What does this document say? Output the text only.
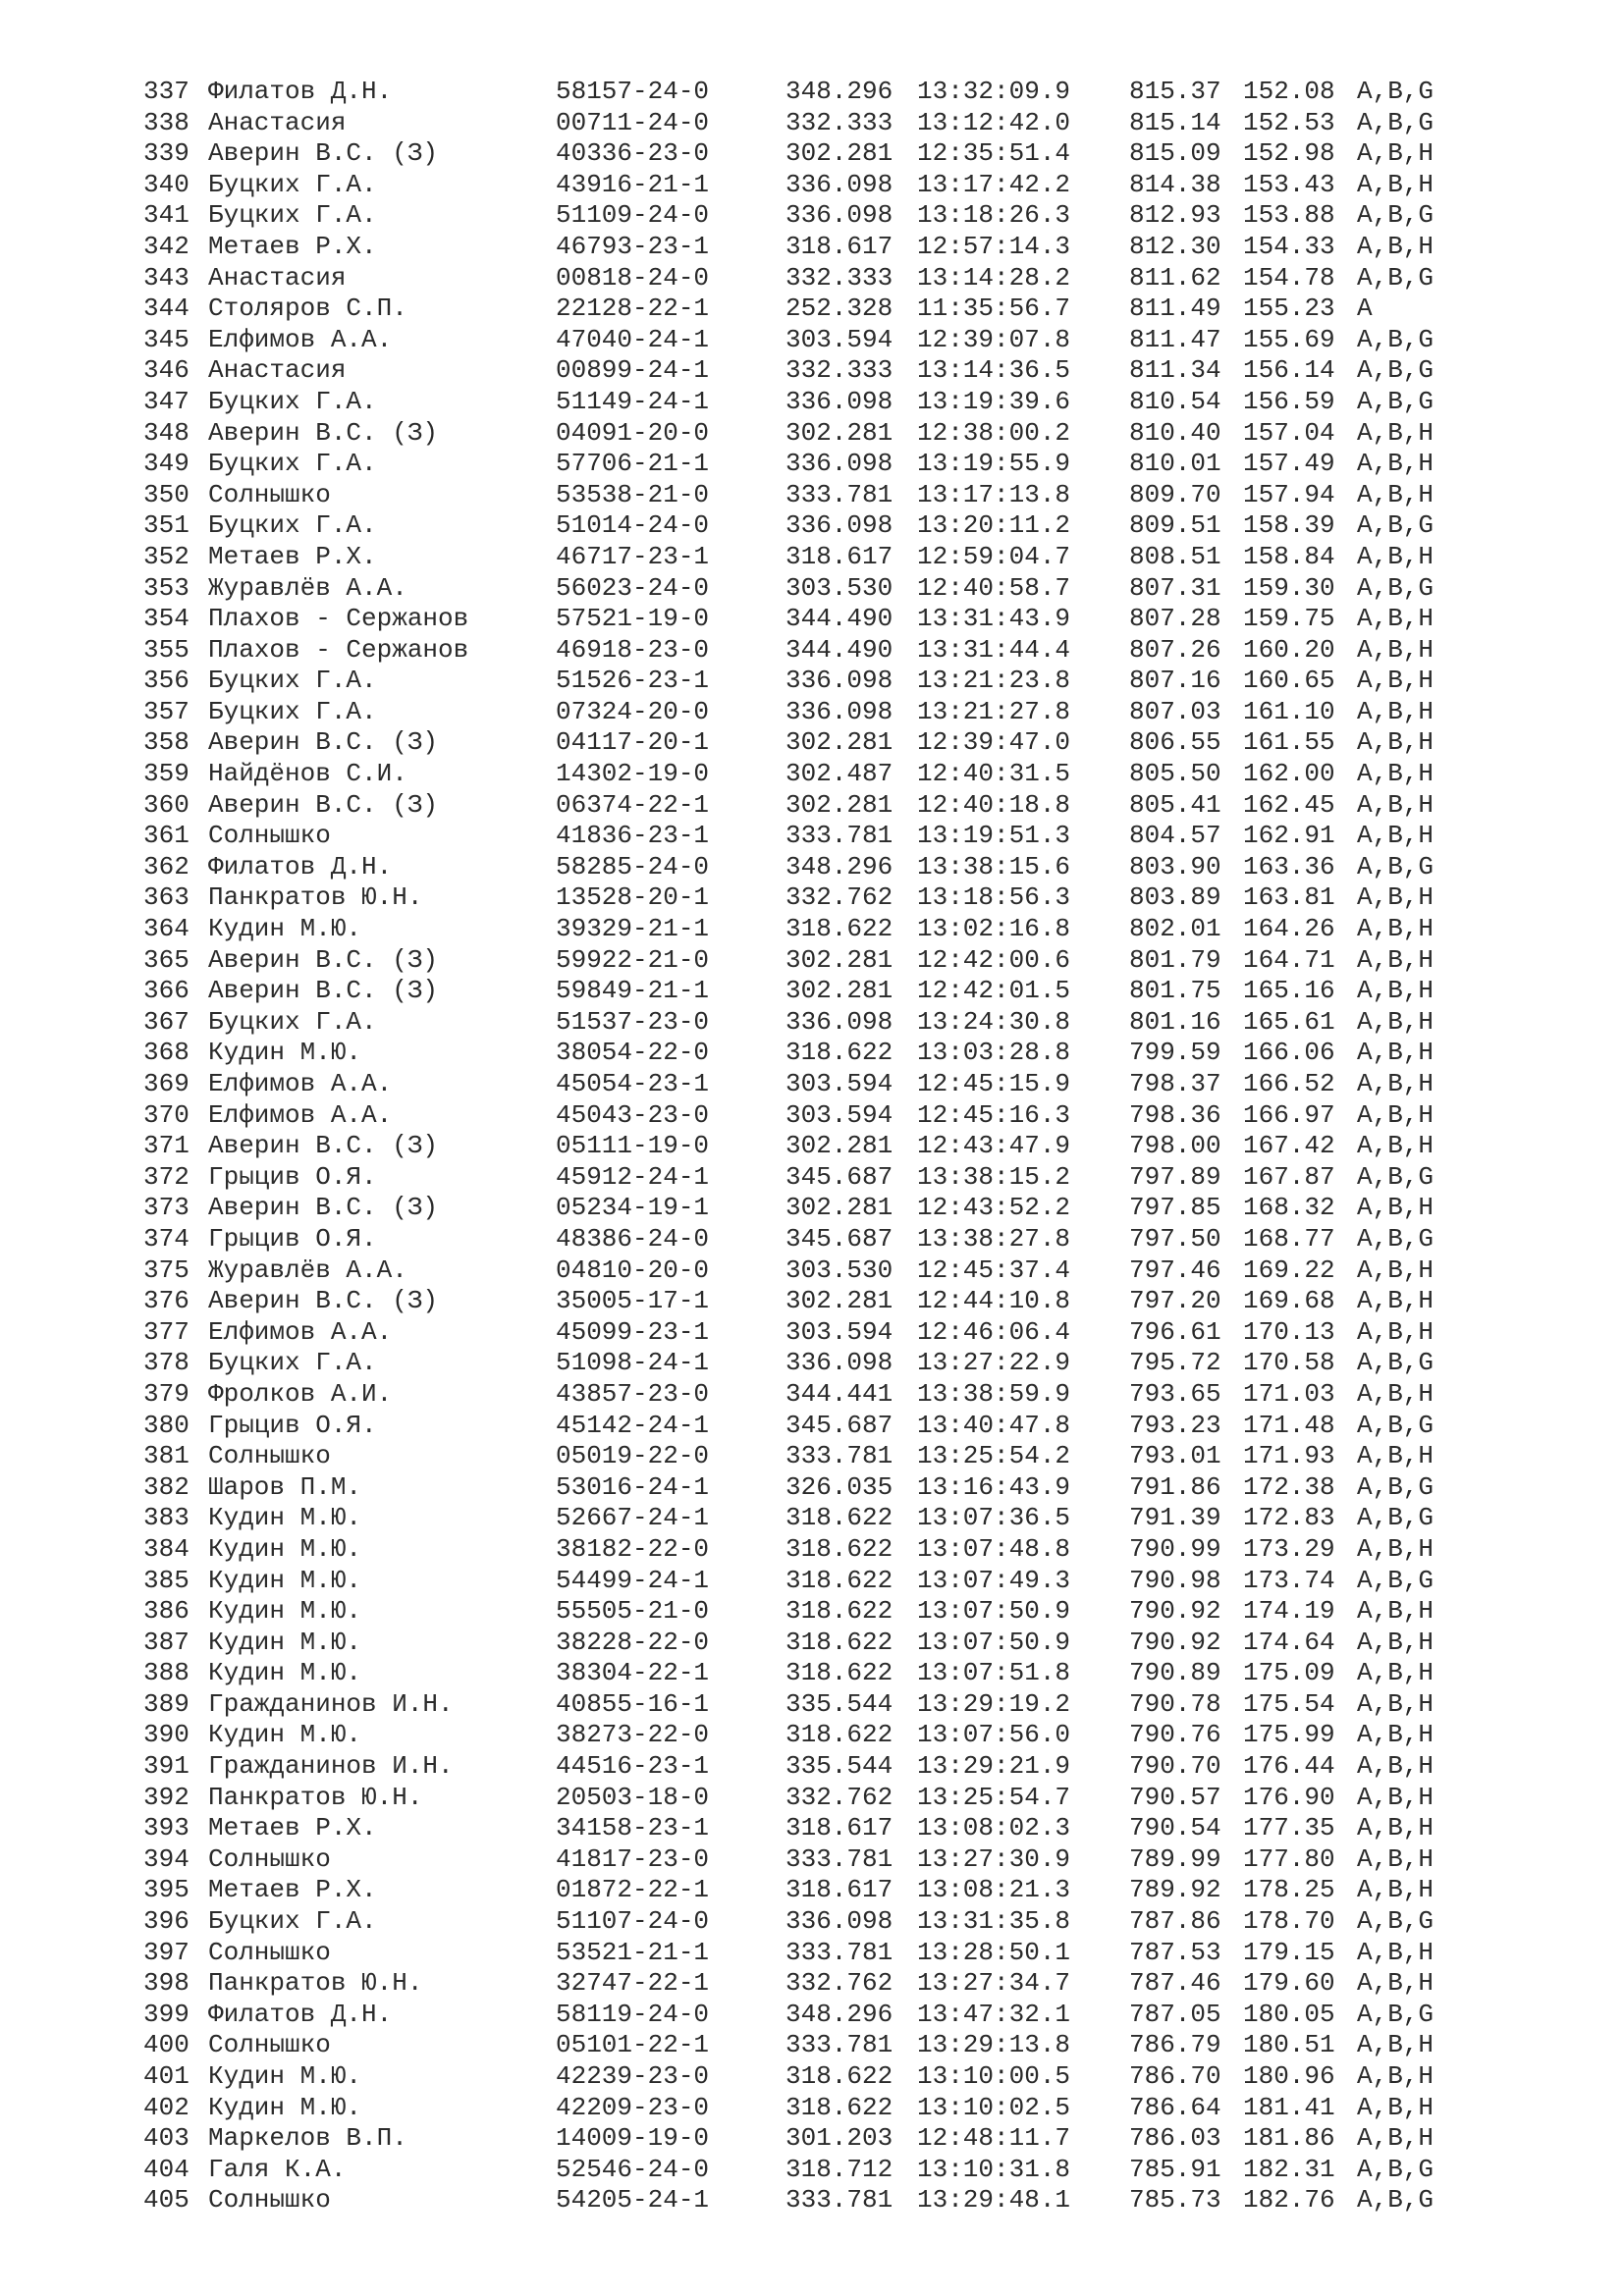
337 Филатов Д.Н.	58157-24-0	348.296 13:32:09.9 815.37 152.08 A,B,G
338 Анастасия	00711-24-0	332.333 13:12:42.0 815.14 152.53 A,B,G
339 Аверин В.С. (З)	40336-23-0	302.281 12:35:51.4 815.09 152.98 A,B,H
340 Буцких Г.А.	43916-21-1	336.098 13:17:42.2 814.38 153.43 A,B,H
341 Буцких Г.А.	51109-24-0	336.098 13:18:26.3 812.93 153.88 A,B,G
342 Метаев Р.Х.	46793-23-1	318.617 12:57:14.3 812.30 154.33 A,B,H
343 Анастасия	00818-24-0	332.333 13:14:28.2 811.62 154.78 A,B,G
344 Столяров С.П.	22128-22-1	252.328 11:35:56.7 811.49 155.23 A
345 Елфимов А.А.	47040-24-1	303.594 12:39:07.8 811.47 155.69 A,B,G
346 Анастасия	00899-24-1	332.333 13:14:36.5 811.34 156.14 A,B,G
347 Буцких Г.А.	51149-24-1	336.098 13:19:39.6 810.54 156.59 A,B,G
348 Аверин В.С. (З)	04091-20-0	302.281 12:38:00.2 810.40 157.04 A,B,H
349 Буцких Г.А.	57706-21-1	336.098 13:19:55.9 810.01 157.49 A,B,H
350 Солнышко	53538-21-0	333.781 13:17:13.8 809.70 157.94 A,B,H
351 Буцких Г.А.	51014-24-0	336.098 13:20:11.2 809.51 158.39 A,B,G
352 Метаев Р.Х.	46717-23-1	318.617 12:59:04.7 808.51 158.84 A,B,H
353 Журавлёв А.А.	56023-24-0	303.530 12:40:58.7 807.31 159.30 A,B,G
354 Плахов - Сержанов	57521-19-0	344.490 13:31:43.9 807.28 159.75 A,B,H
355 Плахов - Сержанов	46918-23-0	344.490 13:31:44.4 807.26 160.20 A,B,H
356 Буцких Г.А.	51526-23-1	336.098 13:21:23.8 807.16 160.65 A,B,H
357 Буцких Г.А.	07324-20-0	336.098 13:21:27.8 807.03 161.10 A,B,H
358 Аверин В.С. (З)	04117-20-1	302.281 12:39:47.0 806.55 161.55 A,B,H
359 Найдёнов С.И.	14302-19-0	302.487 12:40:31.5 805.50 162.00 A,B,H
360 Аверин В.С. (З)	06374-22-1	302.281 12:40:18.8 805.41 162.45 A,B,H
361 Солнышко	41836-23-1	333.781 13:19:51.3 804.57 162.91 A,B,H
362 Филатов Д.Н.	58285-24-0	348.296 13:38:15.6 803.90 163.36 A,B,G
363 Панкратов Ю.Н.	13528-20-1	332.762 13:18:56.3 803.89 163.81 A,B,H
364 Кудин М.Ю.	39329-21-1	318.622 13:02:16.8 802.01 164.26 A,B,H
365 Аверин В.С. (З)	59922-21-0	302.281 12:42:00.6 801.79 164.71 A,B,H
366 Аверин В.С. (З)	59849-21-1	302.281 12:42:01.5 801.75 165.16 A,B,H
367 Буцких Г.А.	51537-23-0	336.098 13:24:30.8 801.16 165.61 A,B,H
368 Кудин М.Ю.	38054-22-0	318.622 13:03:28.8 799.59 166.06 A,B,H
369 Елфимов А.А.	45054-23-1	303.594 12:45:15.9 798.37 166.52 A,B,H
370 Елфимов А.А.	45043-23-0	303.594 12:45:16.3 798.36 166.97 A,B,H
371 Аверин В.С. (З)	05111-19-0	302.281 12:43:47.9 798.00 167.42 A,B,H
372 Грыцив О.Я.	45912-24-1	345.687 13:38:15.2 797.89 167.87 A,B,G
373 Аверин В.С. (З)	05234-19-1	302.281 12:43:52.2 797.85 168.32 A,B,H
374 Грыцив О.Я.	48386-24-0	345.687 13:38:27.8 797.50 168.77 A,B,G
375 Журавлёв А.А.	04810-20-0	303.530 12:45:37.4 797.46 169.22 A,B,H
376 Аверин В.С. (З)	35005-17-1	302.281 12:44:10.8 797.20 169.68 A,B,H
377 Елфимов А.А.	45099-23-1	303.594 12:46:06.4 796.61 170.13 A,B,H
378 Буцких Г.А.	51098-24-1	336.098 13:27:22.9 795.72 170.58 A,B,G
379 Фролков А.И.	43857-23-0	344.441 13:38:59.9 793.65 171.03 A,B,H
380 Грыцив О.Я.	45142-24-1	345.687 13:40:47.8 793.23 171.48 A,B,G
381 Солнышко	05019-22-0	333.781 13:25:54.2 793.01 171.93 A,B,H
382 Шаров П.М.	53016-24-1	326.035 13:16:43.9 791.86 172.38 A,B,G
383 Кудин М.Ю.	52667-24-1	318.622 13:07:36.5 791.39 172.83 A,B,G
384 Кудин М.Ю.	38182-22-0	318.622 13:07:48.8 790.99 173.29 A,B,H
385 Кудин М.Ю.	54499-24-1	318.622 13:07:49.3 790.98 173.74 A,B,G
386 Кудин М.Ю.	55505-21-0	318.622 13:07:50.9 790.92 174.19 A,B,H
387 Кудин М.Ю.	38228-22-0	318.622 13:07:50.9 790.92 174.64 A,B,H
388 Кудин М.Ю.	38304-22-1	318.622 13:07:51.8 790.89 175.09 A,B,H
389 Гражданинов И.Н.	40855-16-1	335.544 13:29:19.2 790.78 175.54 A,B,H
390 Кудин М.Ю.	38273-22-0	318.622 13:07:56.0 790.76 175.99 A,B,H
391 Гражданинов И.Н.	44516-23-1	335.544 13:29:21.9 790.70 176.44 A,B,H
392 Панкратов Ю.Н.	20503-18-0	332.762 13:25:54.7 790.57 176.90 A,B,H
393 Метаев Р.Х.	34158-23-1	318.617 13:08:02.3 790.54 177.35 A,B,H
394 Солнышко	41817-23-0	333.781 13:27:30.9 789.99 177.80 A,B,H
395 Метаев Р.Х.	01872-22-1	318.617 13:08:21.3 789.92 178.25 A,B,H
396 Буцких Г.А.	51107-24-0	336.098 13:31:35.8 787.86 178.70 A,B,G
397 Солнышко	53521-21-1	333.781 13:28:50.1 787.53 179.15 A,B,H
398 Панкратов Ю.Н.	32747-22-1	332.762 13:27:34.7 787.46 179.60 A,B,H
399 Филатов Д.Н.	58119-24-0	348.296 13:47:32.1 787.05 180.05 A,B,G
400 Солнышко	05101-22-1	333.781 13:29:13.8 786.79 180.51 A,B,H
401 Кудин М.Ю.	42239-23-0	318.622 13:10:00.5 786.70 180.96 A,B,H
402 Кудин М.Ю.	42209-23-0	318.622 13:10:02.5 786.64 181.41 A,B,H
403 Маркелов В.П.	14009-19-0	301.203 12:48:11.7 786.03 181.86 A,B,H
404 Галя К.А.	52546-24-0	318.712 13:10:31.8 785.91 182.31 A,B,G
405 Солнышко	54205-24-1	333.781 13:29:48.1 785.73 182.76 A,B,G
